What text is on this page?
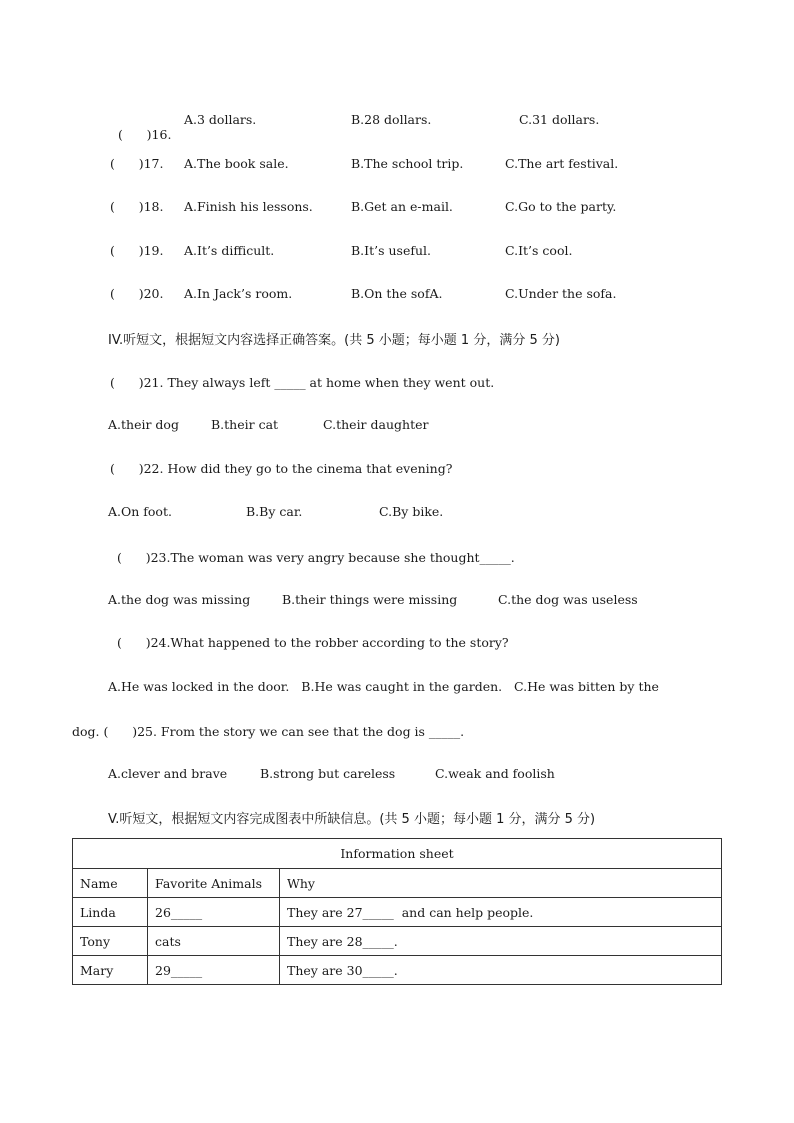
(      )16.

A.3 dollars.	B.28 dollars.	C.31 dollars.
(      )17. A.The book sale.	B.The school trip.	C.The art festival.
(      )18. A.Finish his lessons.	B.Get an e-mail.	C.Go to the party.
(      )19. A.It’s difficult.	B.It’s useful.	C.It’s cool.
(      )20. A.In Jack’s room.	B.On the sofA.	C.Under the sofa.
IV.听短文，根据短文内容选择正确答案。(共 5 小题；每小题 1 分，满分 5 分)
(      )21. They always left _____ at home when they went out.
A.their dog	B.their cat	C.their daughter
(      )22. How did they go to the cinema that evening?
A.On foot.	B.By car.	C.By bike.
(      )23.The woman was very angry because she thought_____.
A.the dog was missing	B.their things were missing	C.the dog was useless
(      )24.What happened to the robber according to the story?
A.He was locked in the door.   B.He was caught in the garden.   C.He was bitten by the
dog. (      )25. From the story we can see that the dog is _____.
A.clever and brave	B.strong but careless	C.weak and foolish
V.听短文，根据短文内容完成图表中所缺信息。(共 5 小题；每小题 1 分，满分 5 分)
Information sheet		
Name	Favorite Animals	Why
Linda	26_____	They are 27_____  and can help people.
Tony	cats	They are 28_____.
Mary	29_____	They are 30_____.
